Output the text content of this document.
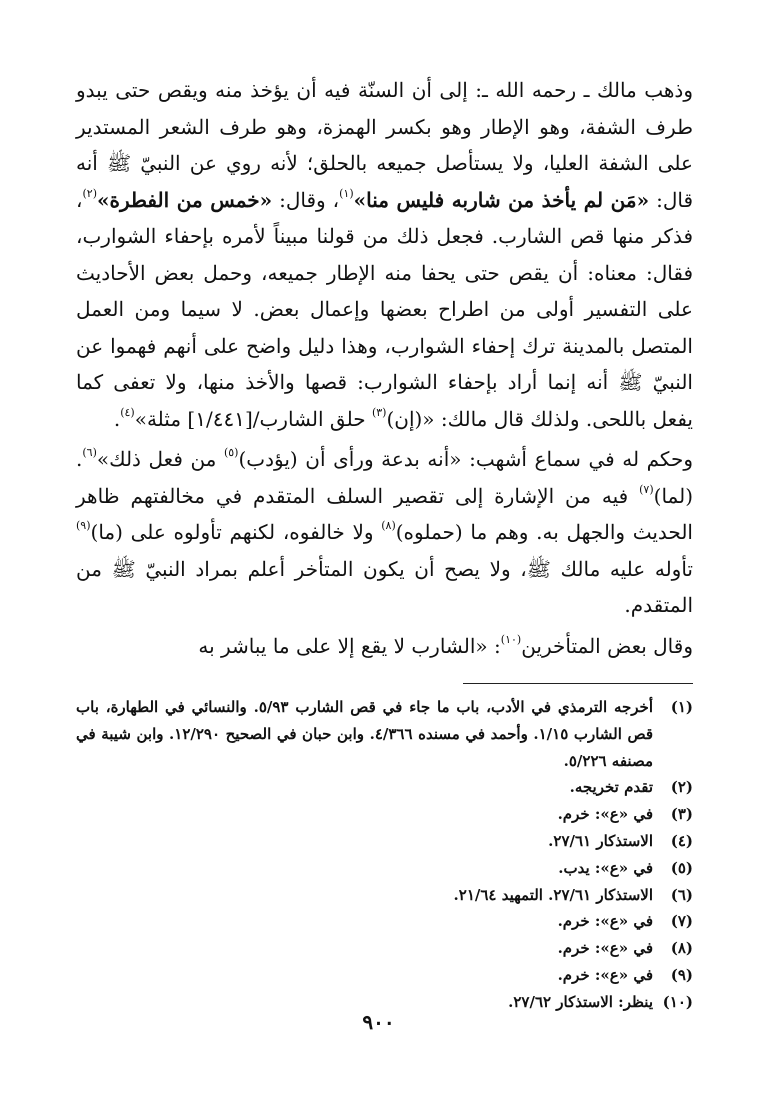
وذهب مالك ـ رحمه الله ـ: إلى أن السنّة فيه أن يؤخذ منه ويقص حتى يبدو طرف الشفة، وهو الإطار وهو بكسر الهمزة، وهو طرف الشعر المستدير على الشفة العليا، ولا يستأصل جميعه بالحلق؛ لأنه روي عن النبيّ ﷺ أنه قال: «مَن لم يأخذ من شاربه فليس منا»$^{(١)}$، وقال: «خمس من الفطرة»$^{(٢)}$، فذكر منها قص الشارب. فجعل ذلك من قولنا مبيناً لأمره بإحفاء الشوارب، فقال: معناه: أن يقص حتى يحفا منه الإطار جميعه، وحمل بعض الأحاديث على التفسير أولى من اطراح بعضها وإعمال بعض. لا سيما ومن العمل المتصل بالمدينة ترك إحفاء الشوارب، وهذا دليل واضح على أنهم فهموا عن النبيّ ﷺ أنه إنما أراد بإحفاء الشوارب: قصها والأخذ منها، ولا تعفى كما يفعل باللحى. ولذلك قال مالك: «(إن)$^{(٣)}$ حلق الشارب/[١/٤٤١] مثلة»$^{(٤)}$.

وحكم له في سماع أشهب: «أنه بدعة ورأى أن (يؤدب)$^{(٥)}$ من فعل ذلك»$^{(٦)}$. (لما)$^{(٧)}$ فيه من الإشارة إلى تقصير السلف المتقدم في مخالفتهم ظاهر الحديث والجهل به. وهم ما (حملوه)$^{(٨)}$ ولا خالفوه، لكنهم تأولوه على (ما)$^{(٩)}$ تأوله عليه مالك ﷺ، ولا يصح أن يكون المتأخر أعلم بمراد النبيّ ﷺ من المتقدم.

وقال بعض المتأخرين$^{(١٠)}$: «الشارب لا يقع إلا على ما يباشر به

(١)
أخرجه الترمذي في الأدب، باب ما جاء في قص الشارب ٥/٩٣. والنسائي في الطهارة، باب قص الشارب ١/١٥. وأحمد في مسنده ٤/٣٦٦. وابن حبان في الصحيح ١٢/٢٩٠. وابن شيبة في مصنفه ٥/٢٢٦.
(٢)
تقدم تخريجه.
(٣)
في «ع»: خرم.
(٤)
الاستذكار ٢٧/٦١.
(٥)
في «ع»: يدب.
(٦)
الاستذكار ٢٧/٦١. التمهيد ٢١/٦٤.
(٧)
في «ع»: خرم.
(٨)
في «ع»: خرم.
(٩)
في «ع»: خرم.
(١٠)
ينظر: الاستذكار ٢٧/٦٢.
٩٠٠
